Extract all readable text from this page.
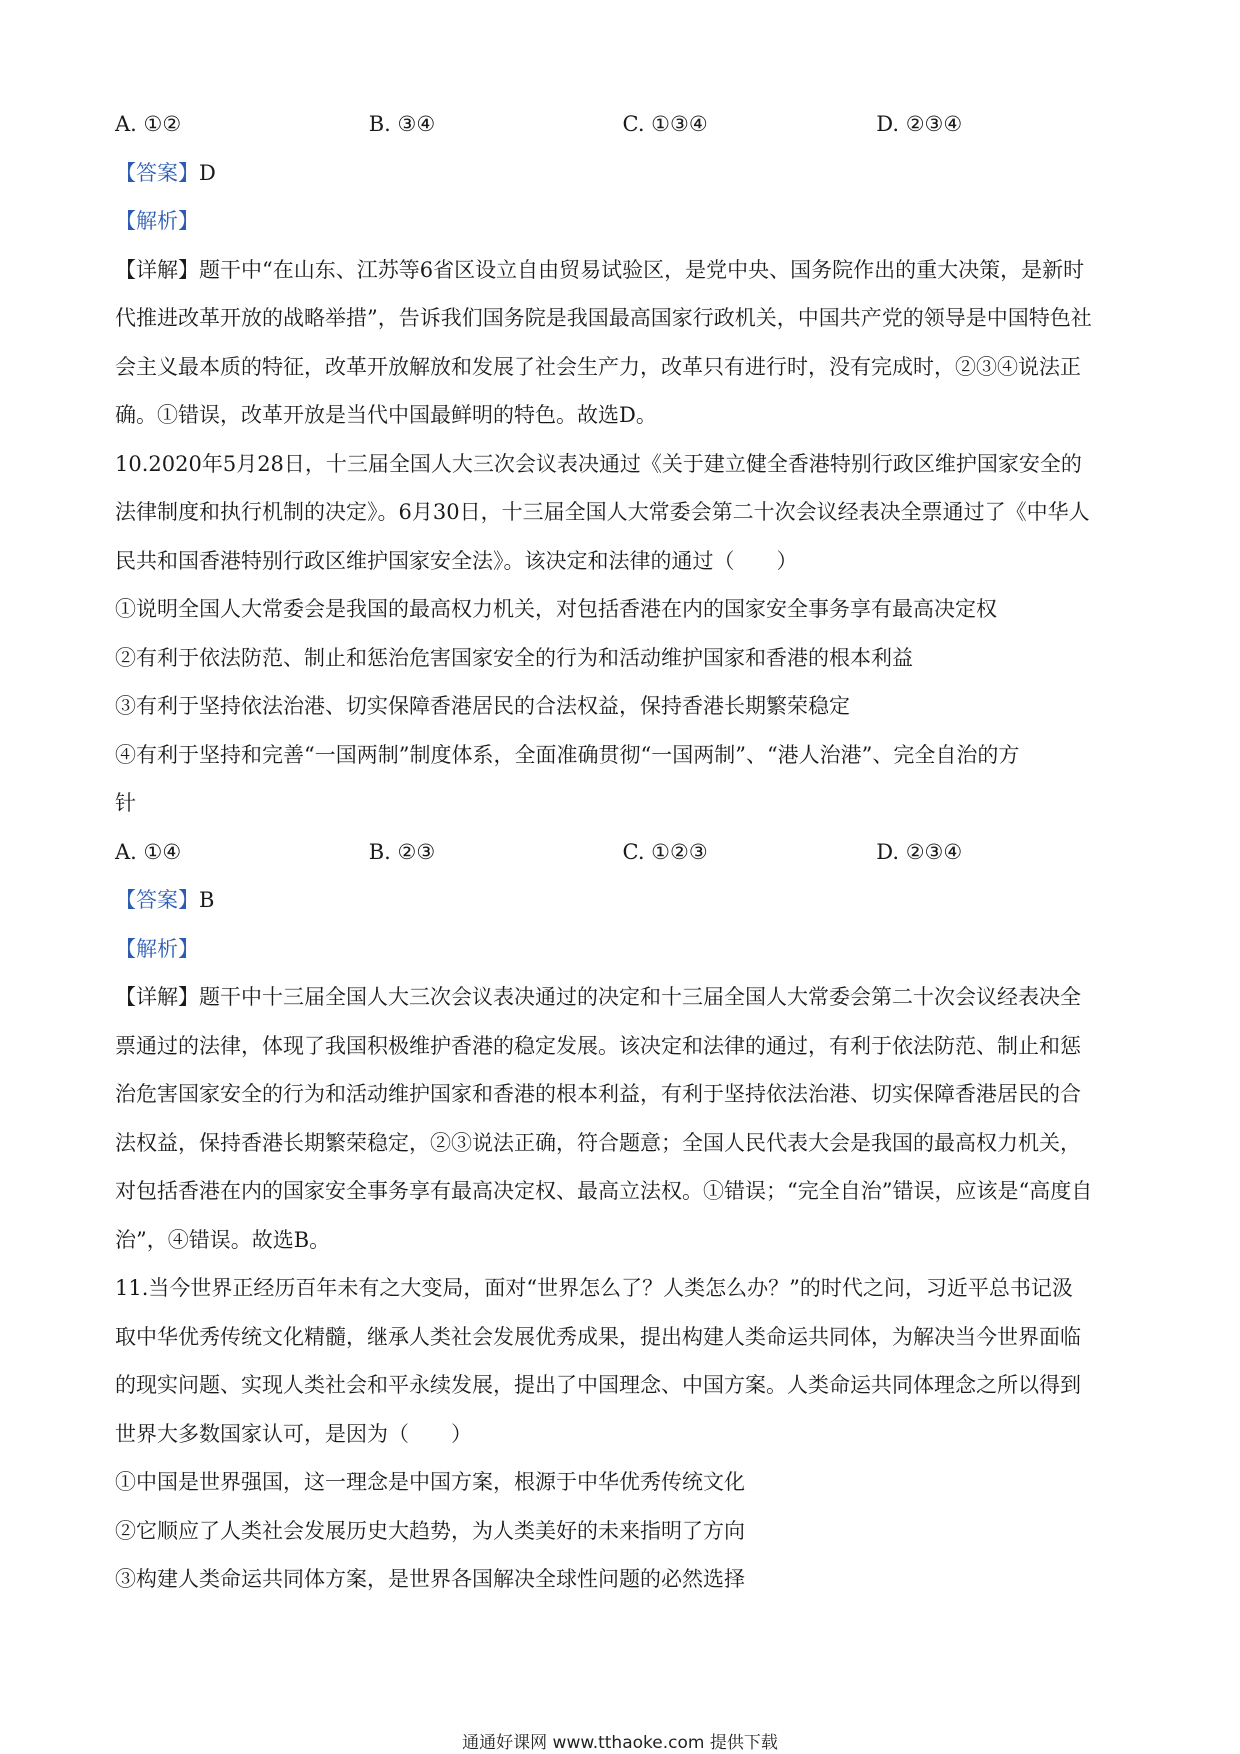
A. ①②	B. ③④	C. ①③④	D. ②③④

【答案】D

【解析】

【详解】题干中“在山东、江苏等6省区设立自由贸易试验区，是党中央、国务院作出的重大决策，是新时

代推进改革开放的战略举措”，告诉我们国务院是我国最高国家行政机关，中国共产党的领导是中国特色社

会主义最本质的特征，改革开放解放和发展了社会生产力，改革只有进行时，没有完成时，②③④说法正

确。①错误，改革开放是当代中国最鲜明的特色。故选D。

10.2020年5月28日，十三届全国人大三次会议表决通过《关于建立健全香港特别行政区维护国家安全的

法律制度和执行机制的决定》。6月30日，十三届全国人大常委会第二十次会议经表决全票通过了《中华人

民共和国香港特别行政区维护国家安全法》。该决定和法律的通过（　　）

①说明全国人大常委会是我国的最高权力机关，对包括香港在内的国家安全事务享有最高决定权

②有利于依法防范、制止和惩治危害国家安全的行为和活动维护国家和香港的根本利益

③有利于坚持依法治港、切实保障香港居民的合法权益，保持香港长期繁荣稳定

④有利于坚持和完善“一国两制”制度体系，全面准确贯彻“一国两制”、“港人治港”、完全自治的方

针

A. ①④	B. ②③	C. ①②③	D. ②③④

【答案】B

【解析】

【详解】题干中十三届全国人大三次会议表决通过的决定和十三届全国人大常委会第二十次会议经表决全

票通过的法律，体现了我国积极维护香港的稳定发展。该决定和法律的通过，有利于依法防范、制止和惩

治危害国家安全的行为和活动维护国家和香港的根本利益，有利于坚持依法治港、切实保障香港居民的合

法权益，保持香港长期繁荣稳定，②③说法正确，符合题意；全国人民代表大会是我国的最高权力机关，

对包括香港在内的国家安全事务享有最高决定权、最高立法权。①错误；“完全自治”错误，应该是“高度自

治”，④错误。故选B。

11.当今世界正经历百年未有之大变局，面对“世界怎么了？人类怎么办？”的时代之问，习近平总书记汲

取中华优秀传统文化精髓，继承人类社会发展优秀成果，提出构建人类命运共同体，为解决当今世界面临

的现实问题、实现人类社会和平永续发展，提出了中国理念、中国方案。人类命运共同体理念之所以得到

世界大多数国家认可，是因为（　　）

①中国是世界强国，这一理念是中国方案，根源于中华优秀传统文化

②它顺应了人类社会发展历史大趋势，为人类美好的未来指明了方向

③构建人类命运共同体方案，是世界各国解决全球性问题的必然选择

通通好课网 www.tthaoke.com 提供下载
